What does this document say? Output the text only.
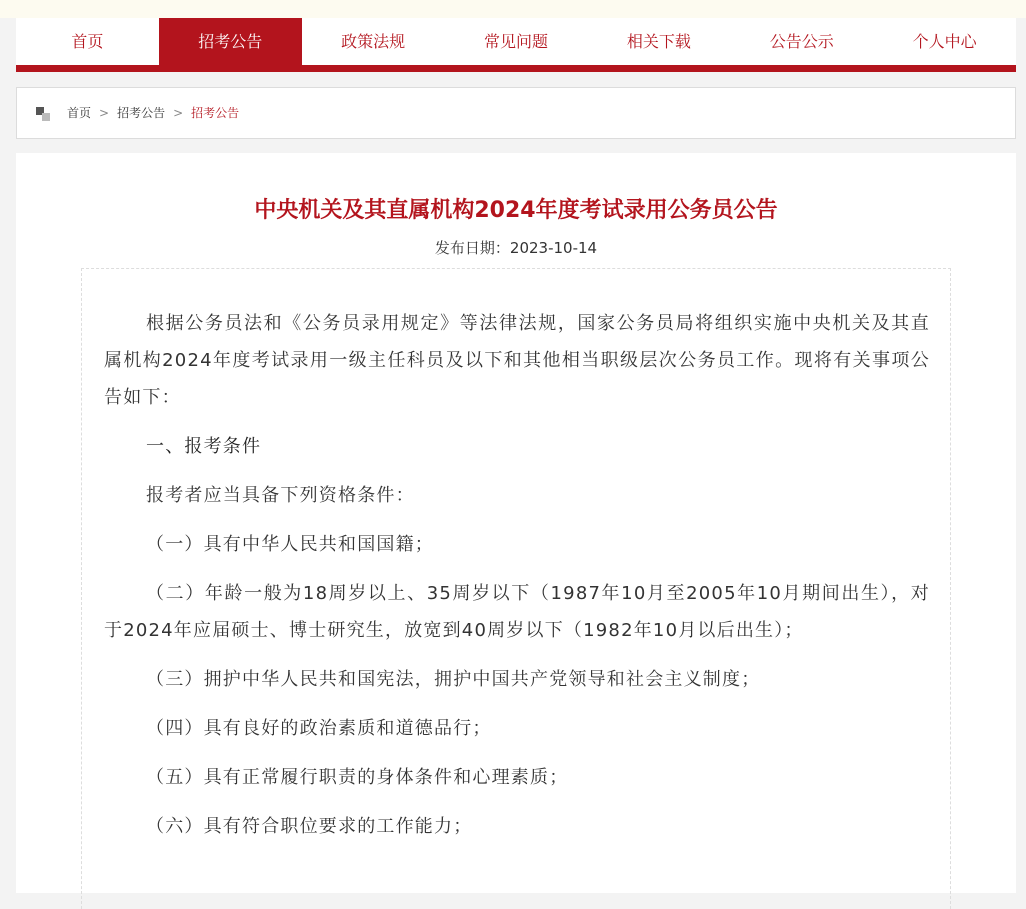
首页	招考公告	政策法规	常见问题	相关下载	公告公示	个人中心
首页 > 招考公告 > 招考公告
中央机关及其直属机构2024年度考试录用公务员公告
发布日期：2023-10-14

根据公务员法和《公务员录用规定》等法律法规，国家公务员局将组织实施中央机关及其直属机构2024年度考试录用一级主任科员及以下和其他相当职级层次公务员工作。现将有关事项公告如下：

一、报考条件

报考者应当具备下列资格条件：

（一）具有中华人民共和国国籍；

（二）年龄一般为18周岁以上、35周岁以下（1987年10月至2005年10月期间出生），对于2024年应届硕士、博士研究生，放宽到40周岁以下（1982年10月以后出生）；

（三）拥护中华人民共和国宪法，拥护中国共产党领导和社会主义制度；

（四）具有良好的政治素质和道德品行；

（五）具有正常履行职责的身体条件和心理素质；

（六）具有符合职位要求的工作能力；
